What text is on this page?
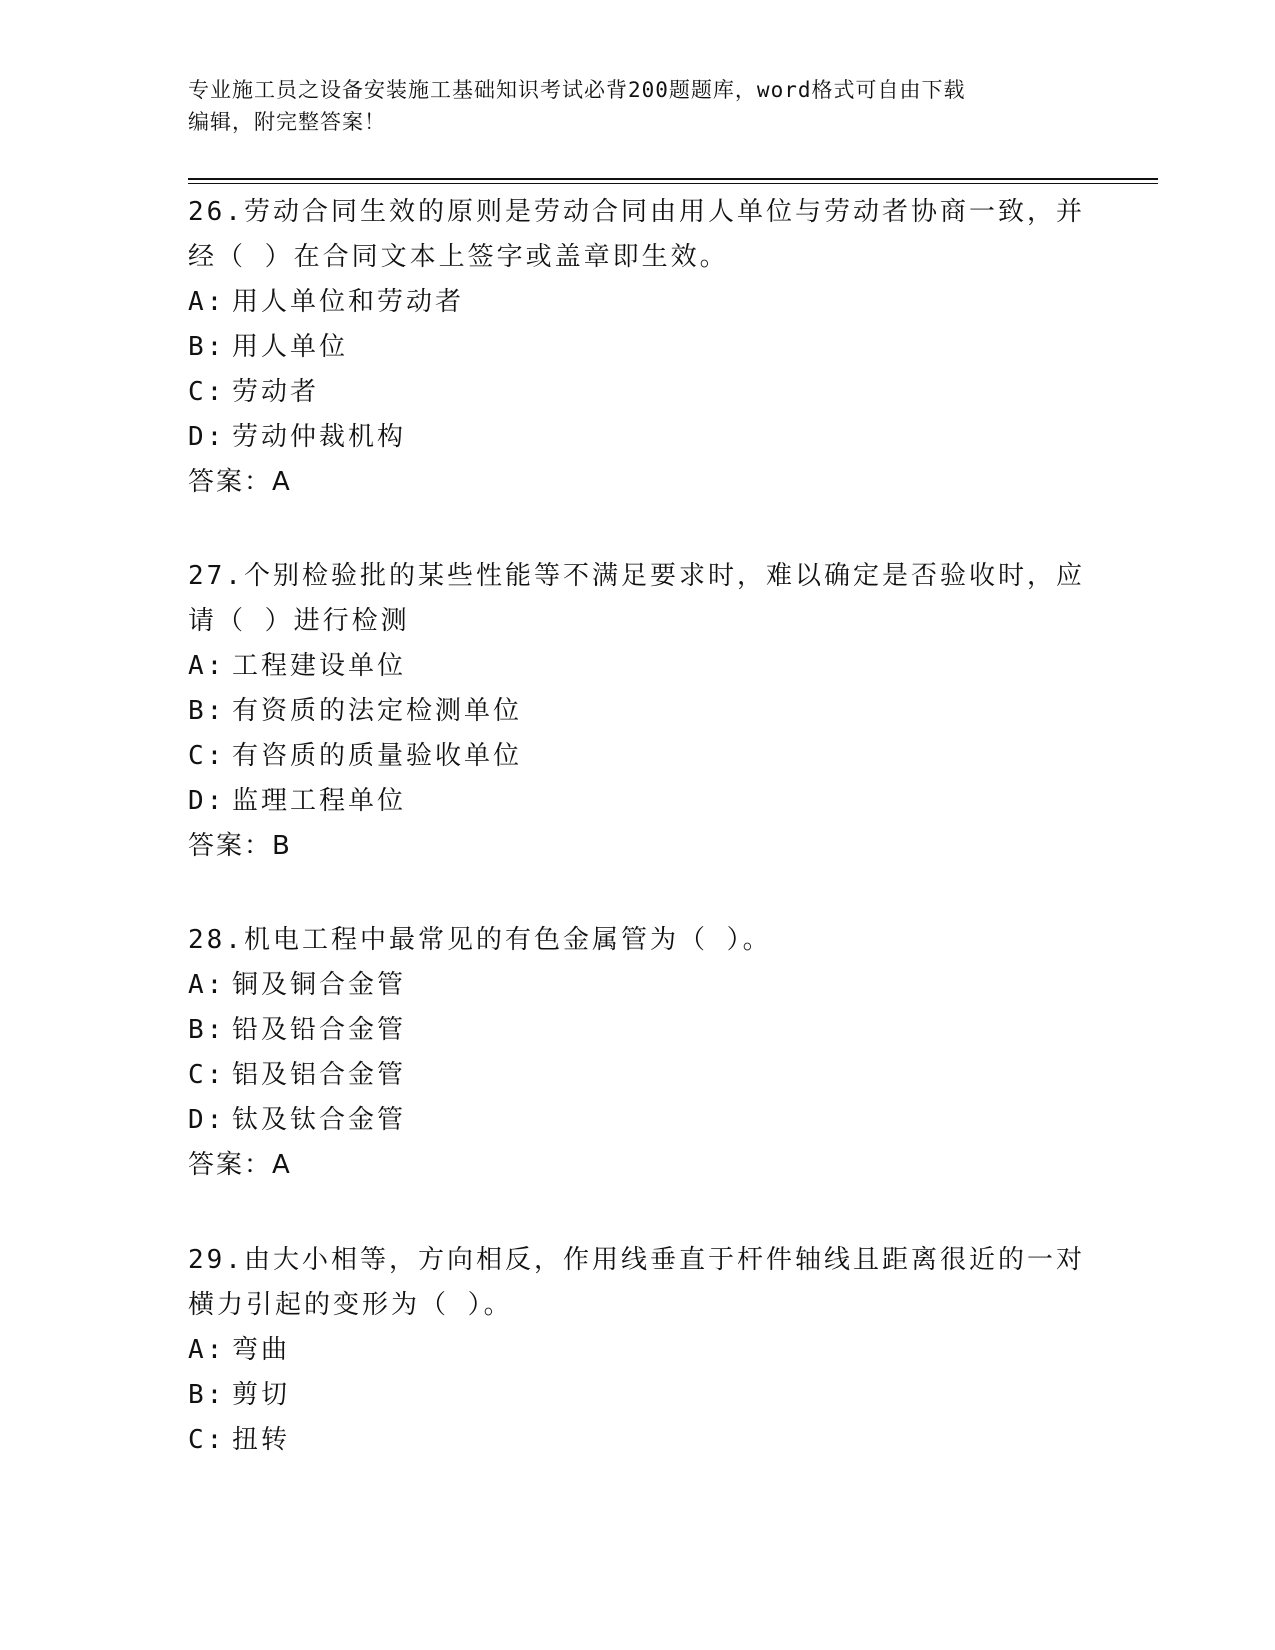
专业施工员之设备安装施工基础知识考试必背200题题库，word格式可自由下载
编辑，附完整答案！
26.劳动合同生效的原则是劳动合同由用人单位与劳动者协商一致，并
经（ ）在合同文本上签字或盖章即生效。
A: 用人单位和劳动者
B: 用人单位
C: 劳动者
D: 劳动仲裁机构
答案：A
27.个别检验批的某些性能等不满足要求时，难以确定是否验收时，应
请（ ）进行检测
A: 工程建设单位
B: 有资质的法定检测单位
C: 有咨质的质量验收单位
D: 监理工程单位
答案：B
28.机电工程中最常见的有色金属管为（ ）。
A: 铜及铜合金管
B: 铅及铅合金管
C: 铝及铝合金管
D: 钛及钛合金管
答案：A
29.由大小相等，方向相反，作用线垂直于杆件轴线且距离很近的一对
横力引起的变形为（ ）。
A: 弯曲
B: 剪切
C: 扭转
